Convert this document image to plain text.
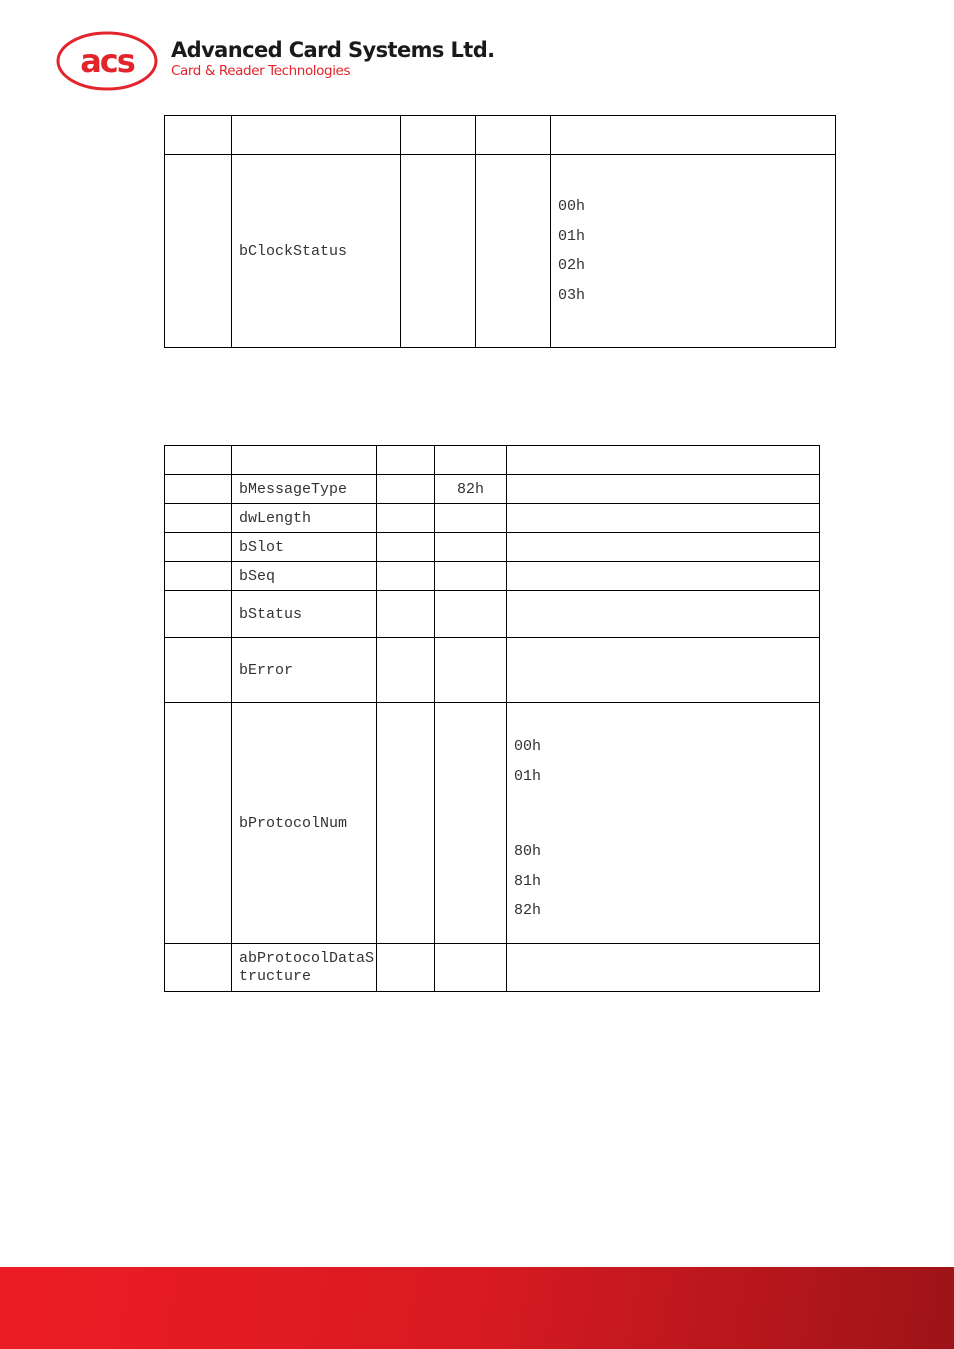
acs Advanced Card Systems Ltd.

Card & Reader Technologies

	bClockStatus			00h
01h
02h
03h

	bMessageType		82h	
	dwLength			
	bSlot			
	bSeq			
	bStatus			
	bError			
	bProtocolNum			00h
01h
80h
81h
82h

	abProtocolDataStructure			
